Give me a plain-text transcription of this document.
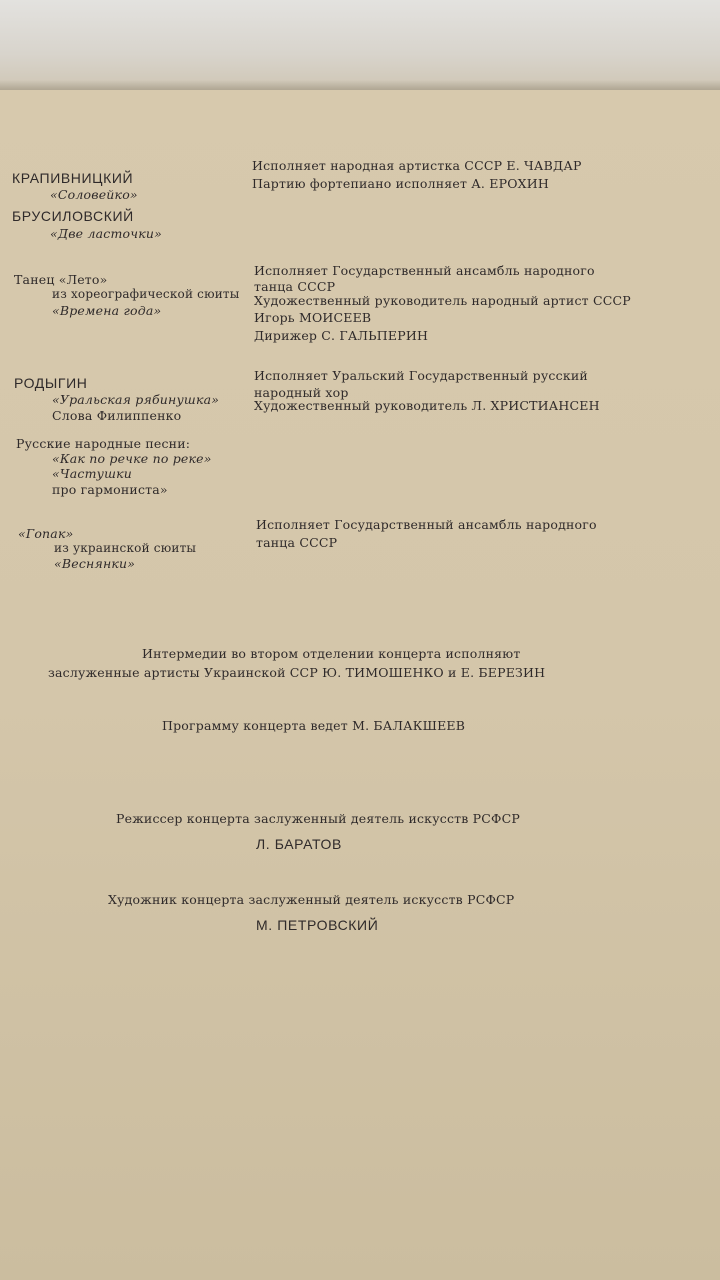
КРАПИВНИЦКИЙ
«Соловейко»
БРУСИЛОВСКИЙ
«Две ласточки»
Танец «Лето»
из хореографической сюиты
«Времена года»
РОДЫГИН
«Уральская рябинушка»
Слова Филиппенко
Русские народные песни:
«Как по речке по реке»
«Частушки
про гармониста»
«Гопак»
из украинской сюиты
«Веснянки»
Исполняет народная артистка СССР Е. ЧАВДАР
Партию фортепиано исполняет А. ЕРОХИН
Исполняет Государственный ансамбль народного
танца СССР
Художественный руководитель народный артист СССР
Игорь МОИСЕЕВ
Дирижер С. ГАЛЬПЕРИН
Исполняет Уральский Государственный русский
народный хор
Художественный руководитель Л. ХРИСТИАНСЕН
Исполняет Государственный ансамбль народного
танца СССР
Интермедии во втором отделении концерта исполняют
заслуженные артисты Украинской ССР Ю. ТИМОШЕНКО и Е. БЕРЕЗИН
Программу концерта ведет М. БАЛАКШЕЕВ
Режиссер концерта заслуженный деятель искусств РСФСР
Л. БАРАТОВ
Художник концерта заслуженный деятель искусств РСФСР
М. ПЕТРОВСКИЙ
